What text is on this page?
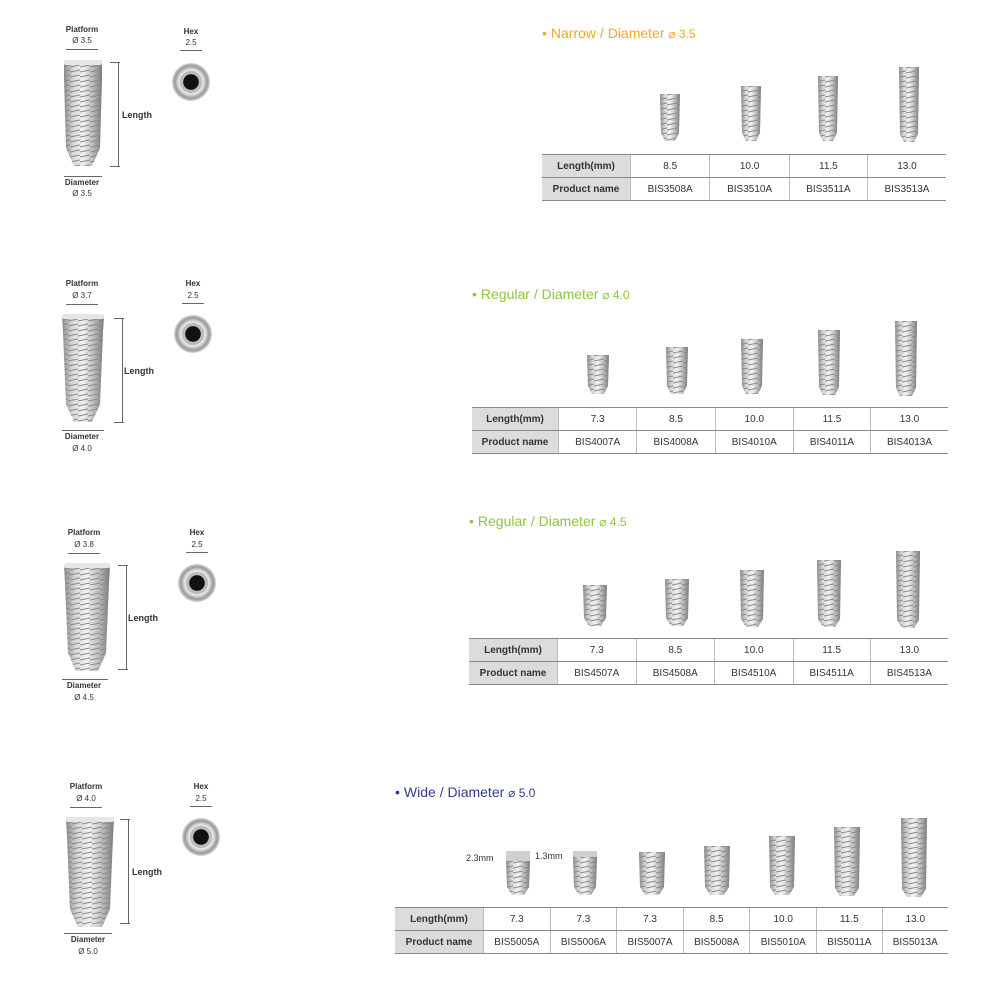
Platform
Ø 3.5
Length
Diameter
Ø 3.5
Hex
2.5
• Narrow / Diameter ⌀ 3.5
Length(mm)	8.5	10.0	11.5	13.0
Product name	BIS3508A	BIS3510A	BIS3511A	BIS3513A
Platform
Ø 3.7
Length
Diameter
Ø 4.0
Hex
2.5	• Regular / Diameter ⌀ 4.0
Length(mm)	7.3	8.5	10.0	11.5	13.0
Product name	BIS4007A	BIS4008A	BIS4010A	BIS4011A	BIS4013A
Platform
Ø 3.8
Length
Diameter
Ø 4.5
Hex
2.5
• Regular / Diameter ⌀ 4.5
Length(mm)	7.3	8.5	10.0	11.5	13.0
Product name	BIS4507A	BIS4508A	BIS4510A	BIS4511A	BIS4513A
Platform
Ø 4.0
Length
Diameter
Ø 5.0
Hex
2.5	• Wide / Diameter ⌀ 5.0
2.3mm	1.3mm
Length(mm)	7.3	7.3	7.3	8.5	10.0	11.5	13.0
Product name	BIS5005A	BIS5006A	BIS5007A	BIS5008A	BIS5010A	BIS5011A	BIS5013A
